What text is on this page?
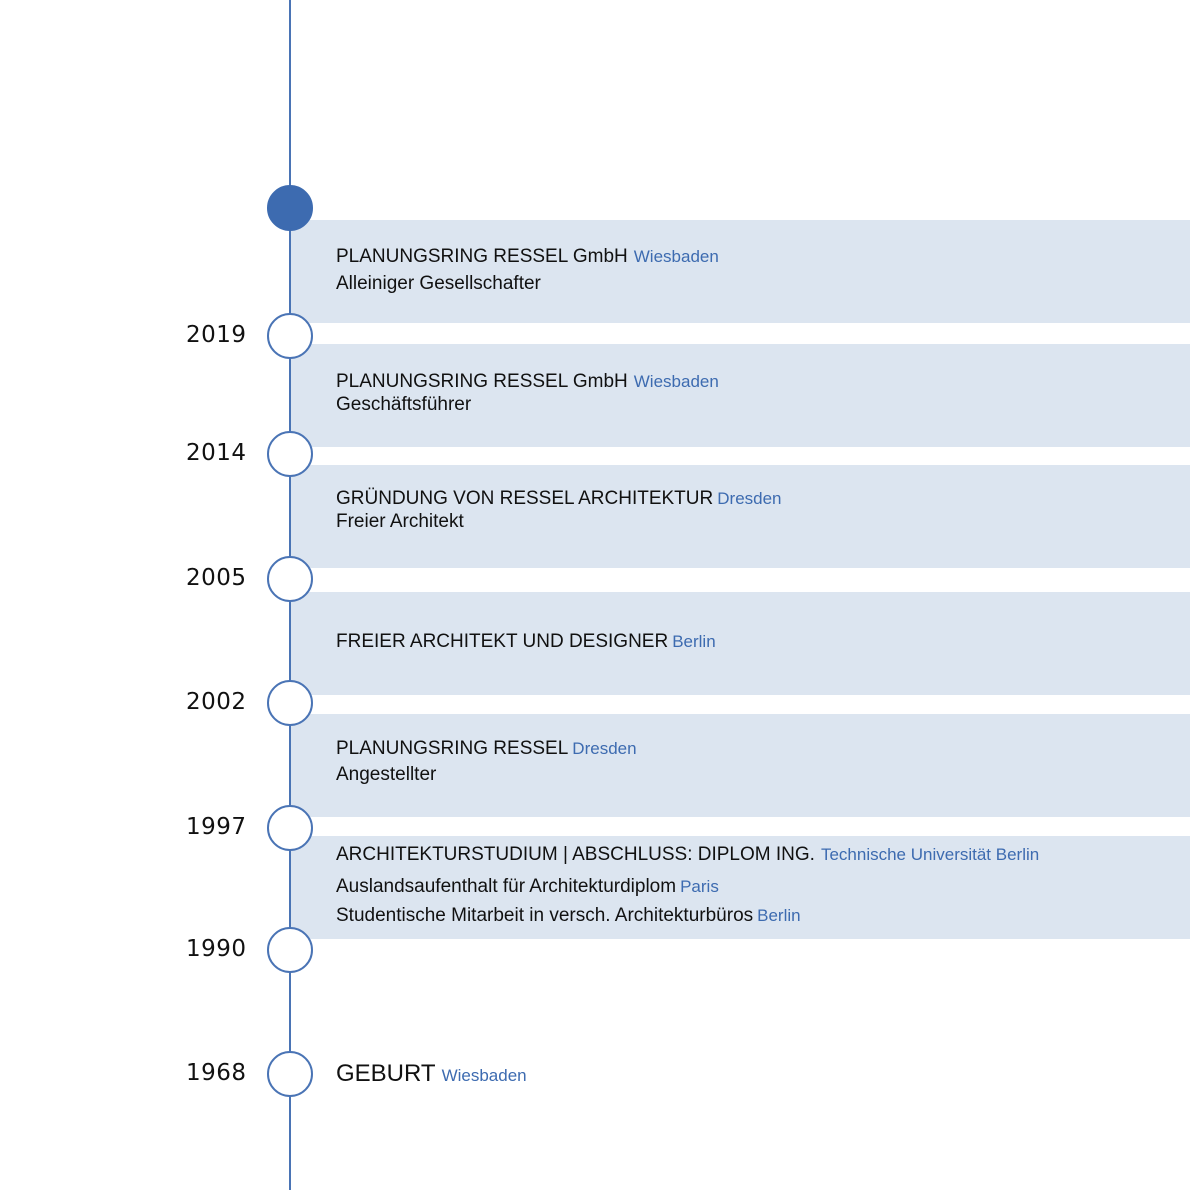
2019
2014
2005
2002
1997
1990
1968
PLANUNGSRING RESSEL GmbH Wiesbaden
Alleiniger Gesellschafter
PLANUNGSRING RESSEL GmbH Wiesbaden
Geschäftsführer
GRÜNDUNG VON RESSEL ARCHITEKTUR Dresden
Freier Architekt
FREIER ARCHITEKT UND DESIGNER Berlin
PLANUNGSRING RESSEL Dresden
Angestellter
ARCHITEKTURSTUDIUM | ABSCHLUSS: DIPLOM ING. Technische Universität Berlin
Auslandsaufenthalt für Architekturdiplom Paris
Studentische Mitarbeit in versch. Architekturbüros Berlin
GEBURT Wiesbaden
